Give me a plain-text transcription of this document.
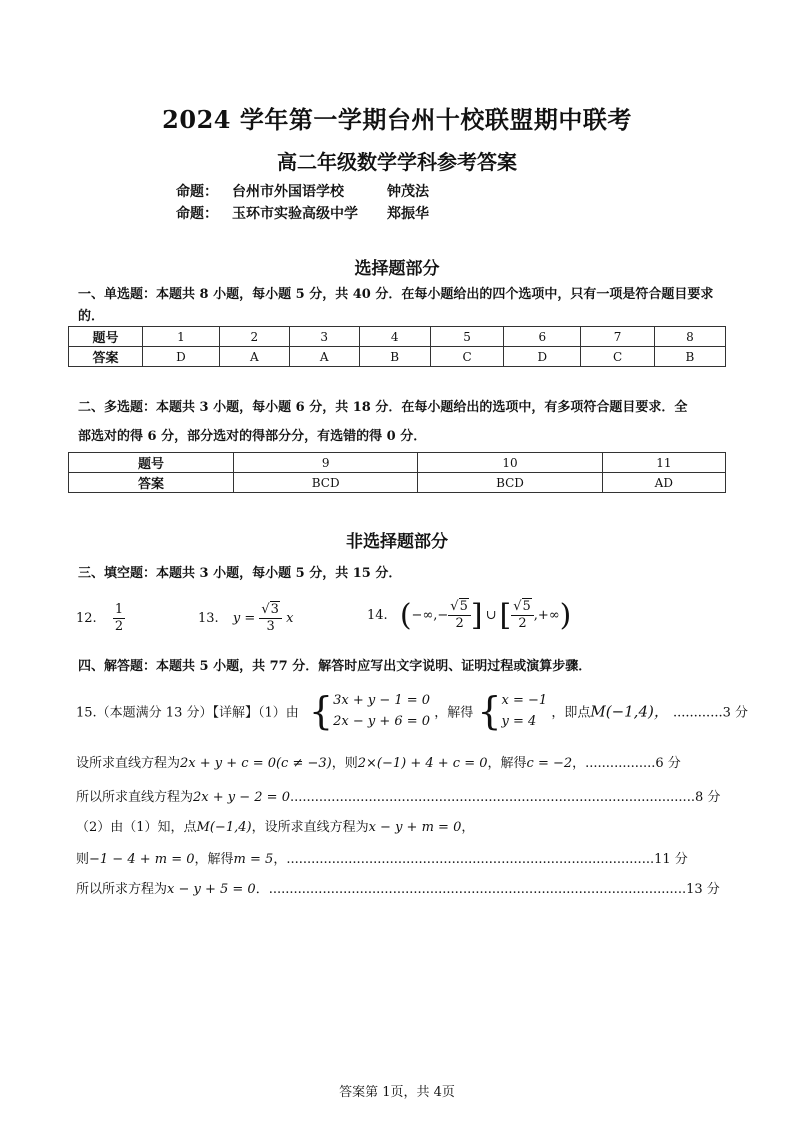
2024 学年第一学期台州十校联盟期中联考
高二年级数学学科参考答案
命题： 台州市外国语学校	钟茂法
命题： 玉环市实验高级中学 郑振华
选择题部分
一、单选题：本题共 8 小题，每小题 5 分，共 40 分．在每小题给出的四个选项中，只有一项是符合题目要求的．
题号	1	2	3	4	5	6	7	8
答案	D	A	A	B	C	D	C	B
二、多选题：本题共 3 小题，每小题 6 分，共 18 分．在每小题给出的选项中，有多项符合题目要求．全
部选对的得 6 分，部分选对的得部分分，有选错的得 0 分．
题号	9	10	11
答案	BCD	BCD	AD
非选择题部分
三、填空题：本题共 3 小题，每小题 5 分，共 15 分．
12. $\frac{1}{2}$	13. $y = \frac{√3}{3}$ x	14. (−∞,− $\frac{√5}{2}$ ] ∪ [ $\frac{√5}{2}$ ,+∞)
四、解答题：本题共 5 小题，共 77 分．解答时应写出文字说明、证明过程或演算步骤．
15.（本题满分 13 分）【详解】（1）由 {3x + y − 1 = 0
2x − y + 6 = 0 ，解得 {x = −1
y = 4 ，即点M(−1,4)， ............3 分
设所求直线方程为2x + y + c = 0(c ≠ −3)，则2×(−1) + 4 + c = 0，解得c = −2，.................6 分
所以所求直线方程为2x + y − 2 = 0..................................................................................................8 分
（2）由（1）知，点M(−1,4)，设所求直线方程为x − y + m = 0，
则−1 − 4 + m = 0，解得m = 5，.........................................................................................11 分
所以所求方程为x − y + 5 = 0．.....................................................................................................13 分
答案第 1页，共 4页
